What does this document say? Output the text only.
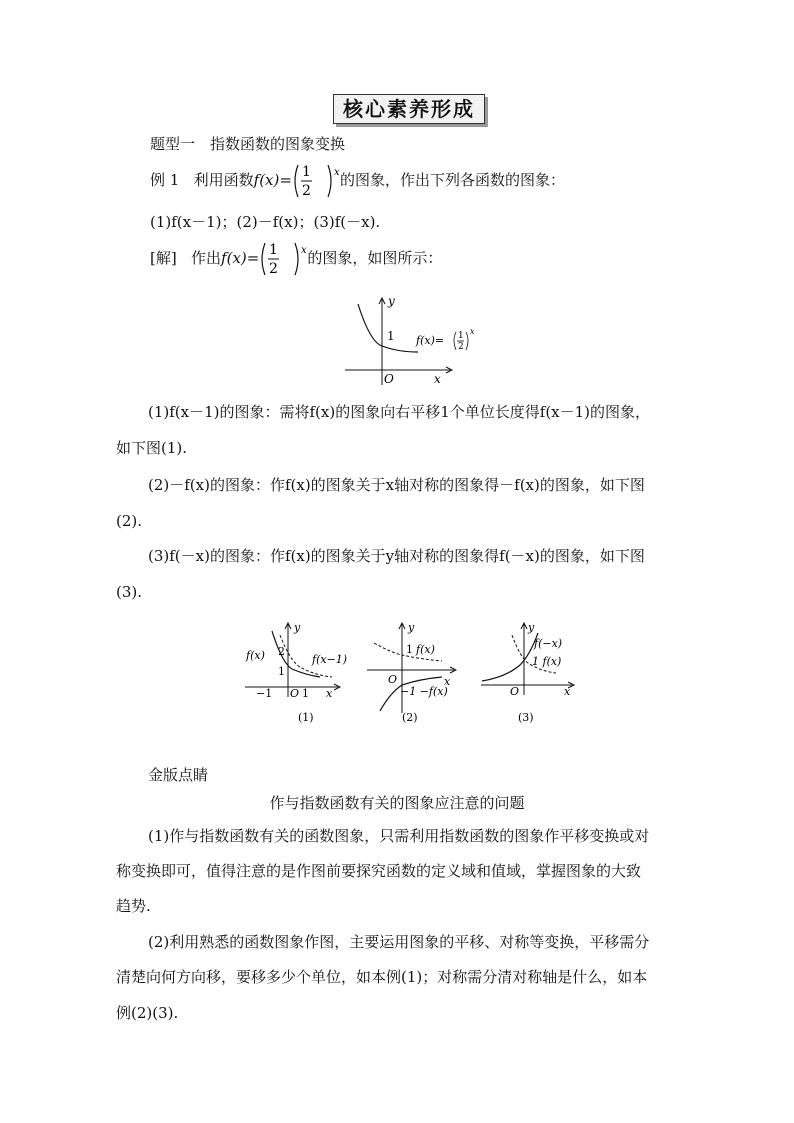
核心素养形成
题型一　指数函数的图象变换
例 1 利用函数f(x)= 1
2
x 的图象，作出下列各函数的图象：
(1)f(x－1)；(2)－f(x)；(3)f(－x).
[解] 作出f(x)= 1
2
x 的图象，如图所示：
y
x
O
1 f(x)= 1
2
x
(1)f(x－1)的图象：需将f(x)的图象向右平移1个单位长度得f(x－1)的图象，
如下图(1).
(2)－f(x)的图象：作f(x)的图象关于x轴对称的图象得－f(x)的图象，如下图
(2).
(3)f(－x)的图象：作f(x)的图象关于y轴对称的图象得f(－x)的图象，如下图
(3).
y
x
O
f(x)	f(x−1)
2
1
−1	1
(1)
y
x
O
1 f(x)
−1 −f(x)
(2)
y
x
O
f(−x)
1 f(x)
(3)
金版点睛
作与指数函数有关的图象应注意的问题
(1)作与指数函数有关的函数图象，只需利用指数函数的图象作平移变换或对
称变换即可，值得注意的是作图前要探究函数的定义域和值域，掌握图象的大致
趋势.
(2)利用熟悉的函数图象作图，主要运用图象的平移、对称等变换，平移需分
清楚向何方向移，要移多少个单位，如本例(1)；对称需分清对称轴是什么，如本
例(2)(3).
